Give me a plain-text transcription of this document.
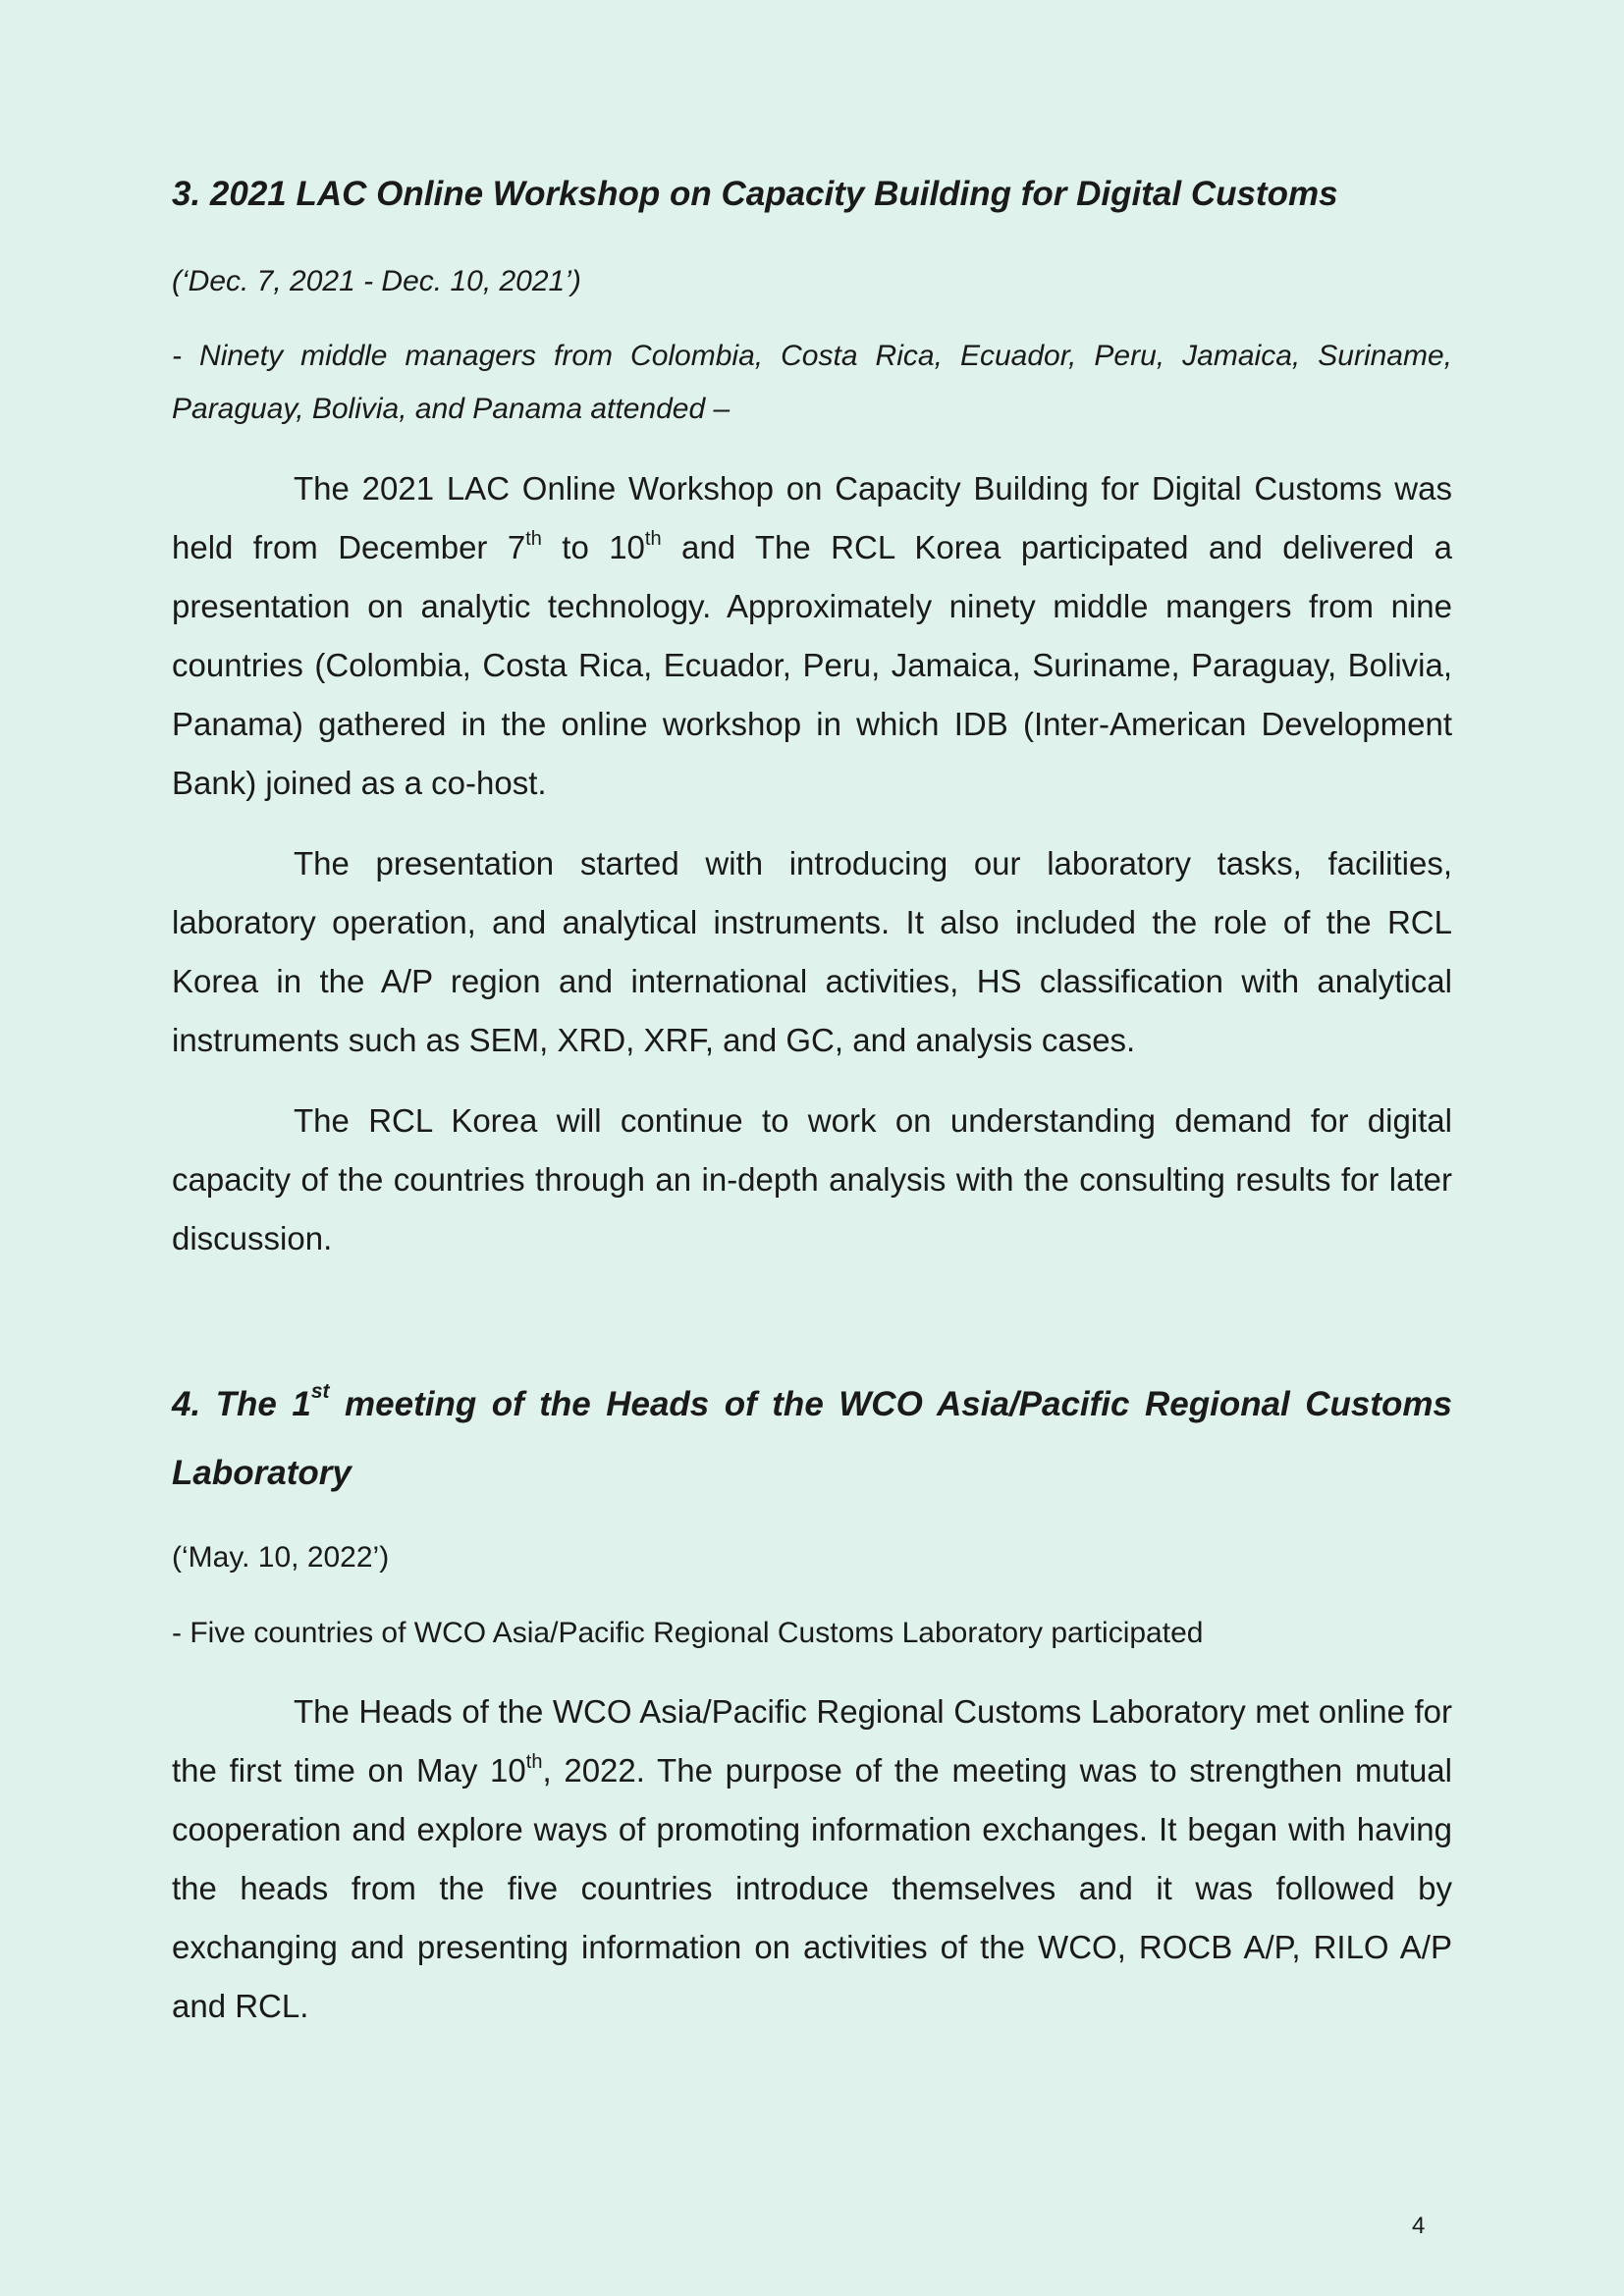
3. 2021 LAC Online Workshop on Capacity Building for Digital Customs

(‘Dec. 7, 2021 - Dec. 10, 2021’)

- Ninety middle managers from Colombia, Costa Rica, Ecuador, Peru, Jamaica, Suriname, Paraguay, Bolivia, and Panama attended –

The 2021 LAC Online Workshop on Capacity Building for Digital Customs was held from December 7th to 10th and The RCL Korea participated and delivered a presentation on analytic technology. Approximately ninety middle mangers from nine countries (Colombia, Costa Rica, Ecuador, Peru, Jamaica, Suriname, Paraguay, Bolivia, Panama) gathered in the online workshop in which IDB (Inter-American Development Bank) joined as a co-host.

The presentation started with introducing our laboratory tasks, facilities, laboratory operation, and analytical instruments. It also included the role of the RCL Korea in the A/P region and international activities, HS classification with analytical instruments such as SEM, XRD, XRF, and GC, and analysis cases.

The RCL Korea will continue to work on understanding demand for digital capacity of the countries through an in-depth analysis with the consulting results for later discussion.

4. The 1st meeting of the Heads of the WCO Asia/Pacific Regional Customs Laboratory

(‘May. 10, 2022’)

- Five countries of WCO Asia/Pacific Regional Customs Laboratory participated

The Heads of the WCO Asia/Pacific Regional Customs Laboratory met online for the first time on May 10th, 2022. The purpose of the meeting was to strengthen mutual cooperation and explore ways of promoting information exchanges. It began with having the heads from the five countries introduce themselves and it was followed by exchanging and presenting information on activities of the WCO, ROCB A/P, RILO A/P and RCL.

4
